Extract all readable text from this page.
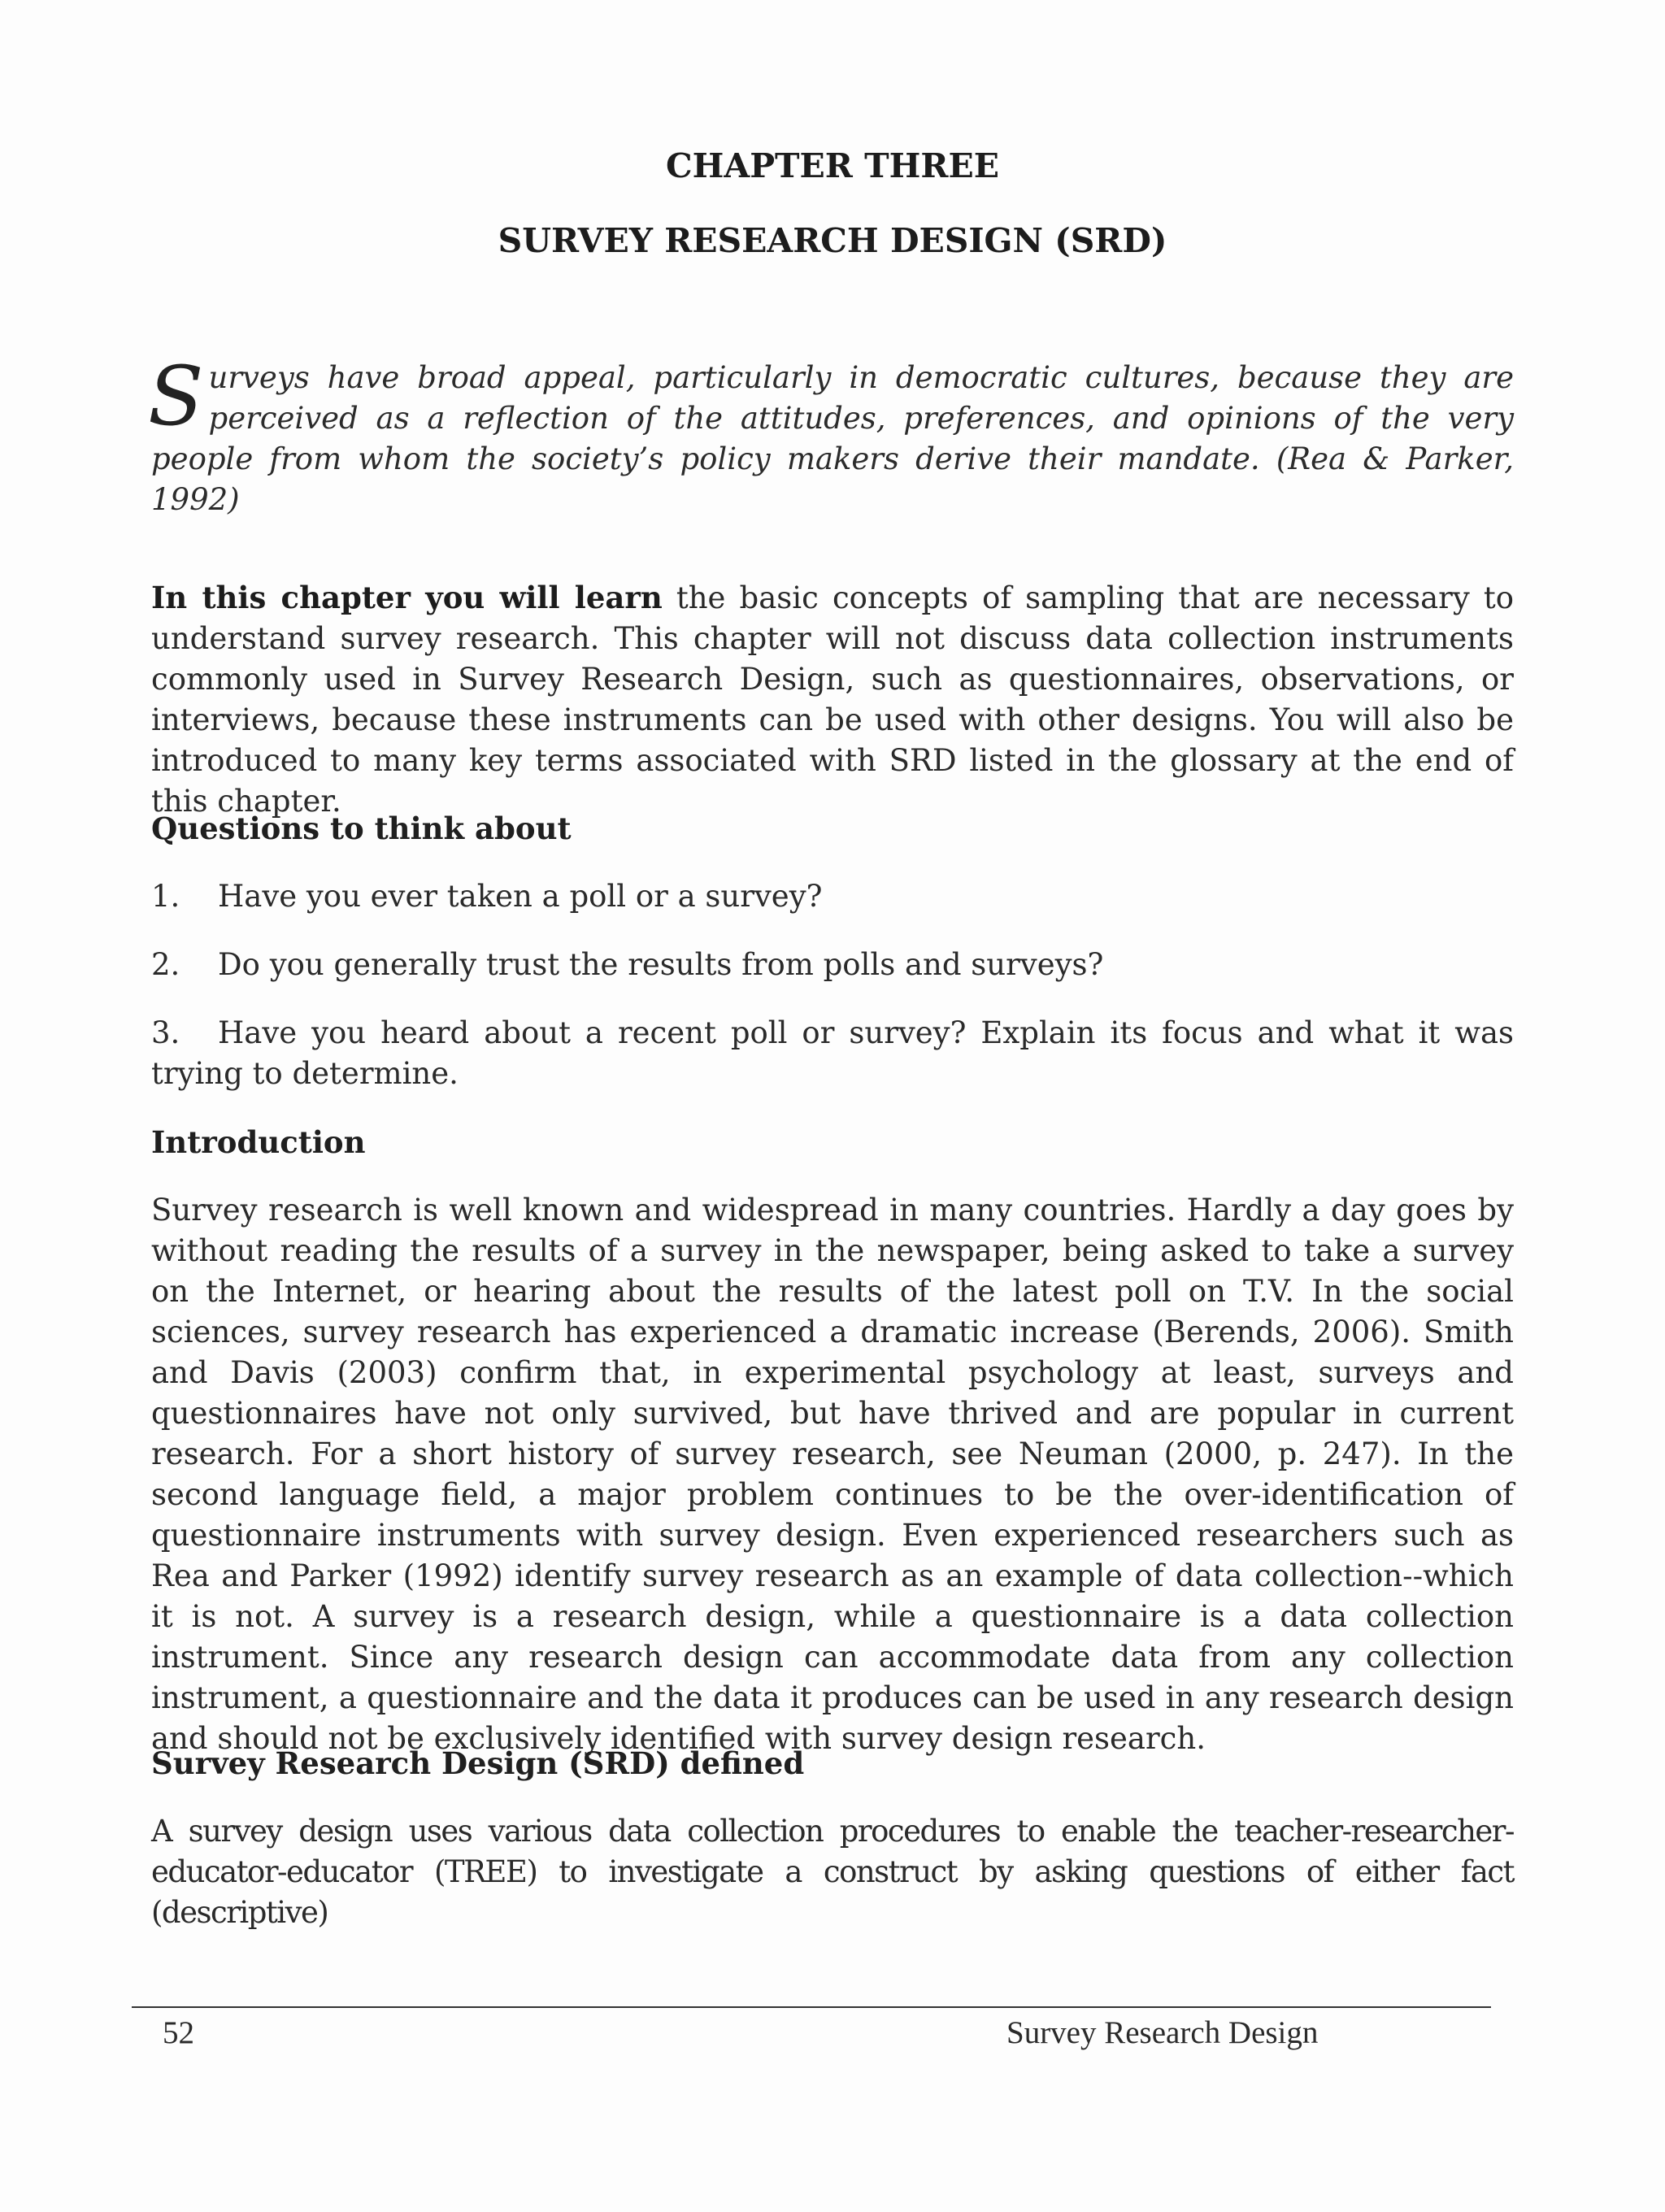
CHAPTER THREE
SURVEY RESEARCH DESIGN (SRD)
Surveys have broad appeal, particularly in democratic cultures, because they are perceived as a reflection of the attitudes, preferences, and opinions of the very people from whom the society’s policy makers derive their mandate. (Rea & Parker, 1992)
In this chapter you will learn the basic concepts of sampling that are necessary to understand survey research. This chapter will not discuss data collection instruments commonly used in Survey Research Design, such as questionnaires, observations, or interviews, because these instruments can be used with other designs. You will also be introduced to many key terms associated with SRD listed in the glossary at the end of this chapter.
Questions to think about
1. Have you ever taken a poll or a survey?
2. Do you generally trust the results from polls and surveys?
3. Have you heard about a recent poll or survey? Explain its focus and what it was trying to determine.
Introduction
Survey research is well known and widespread in many countries. Hardly a day goes by without reading the results of a survey in the newspaper, being asked to take a survey on the Internet, or hearing about the results of the latest poll on T.V. In the social sciences, survey research has experienced a dramatic increase (Berends, 2006). Smith and Davis (2003) confirm that, in experimental psychology at least, surveys and questionnaires have not only survived, but have thrived and are popular in current research. For a short history of survey research, see Neuman (2000, p. 247). In the second language field, a major problem continues to be the over-identification of questionnaire instruments with survey design. Even experienced researchers such as Rea and Parker (1992) identify survey research as an example of data collection--which it is not. A survey is a research design, while a questionnaire is a data collection instrument. Since any research design can accommodate data from any collection instrument, a questionnaire and the data it produces can be used in any research design and should not be exclusively identified with survey design research.
Survey Research Design (SRD) defined
A survey design uses various data collection procedures to enable the teacher-researcher-educator-educator (TREE) to investigate a construct by asking questions of either fact (descriptive)
52	Survey Research Design
